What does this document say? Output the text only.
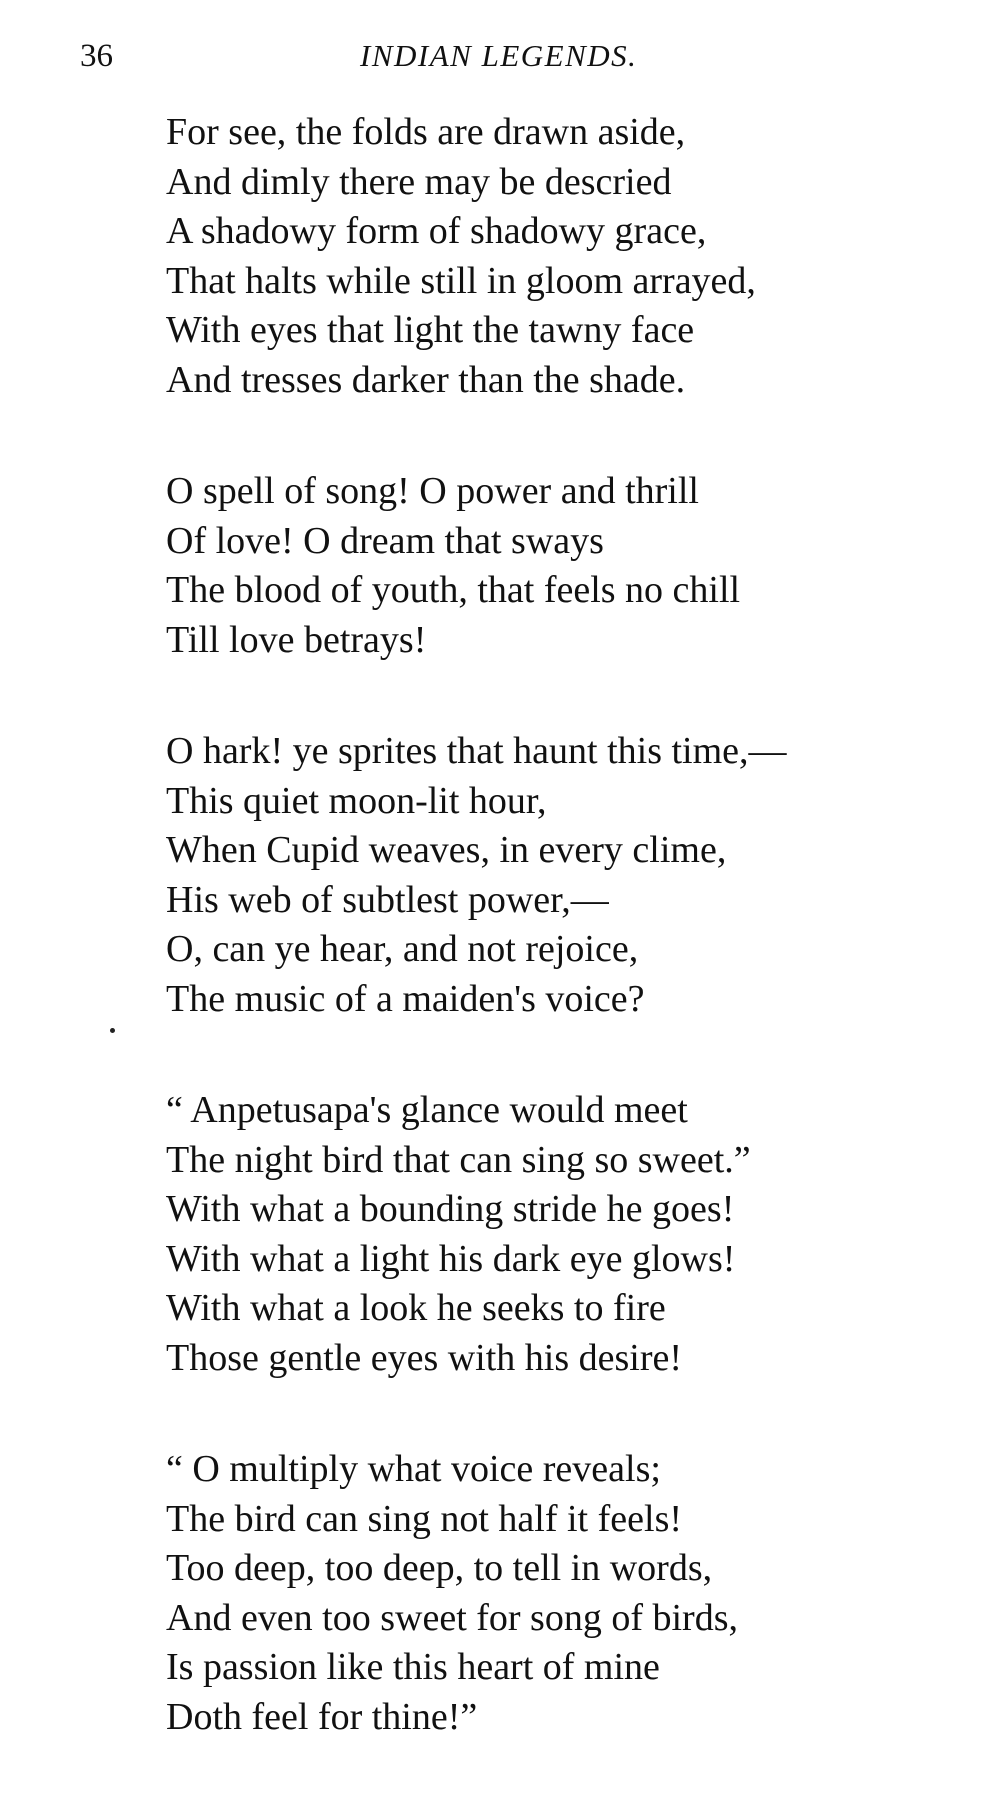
36	INDIAN LEGENDS.
For see, the folds are drawn aside,
And dimly there may be descried
A shadowy form of shadowy grace,
That halts while still in gloom arrayed,
With eyes that light the tawny face
And tresses darker than the shade.
O spell of song! O power and thrill
Of love! O dream that sways
The blood of youth, that feels no chill
Till love betrays!
O hark! ye sprites that haunt this time,—
This quiet moon-lit hour,
When Cupid weaves, in every clime,
His web of subtlest power,—
O, can ye hear, and not rejoice,
The music of a maiden's voice?
“ Anpetusapa's glance would meet
The night bird that can sing so sweet.”
With what a bounding stride he goes!
With what a light his dark eye glows!
With what a look he seeks to fire
Those gentle eyes with his desire!
“ O multiply what voice reveals;
The bird can sing not half it feels!
Too deep, too deep, to tell in words,
And even too sweet for song of birds,
Is passion like this heart of mine
Doth feel for thine!”
